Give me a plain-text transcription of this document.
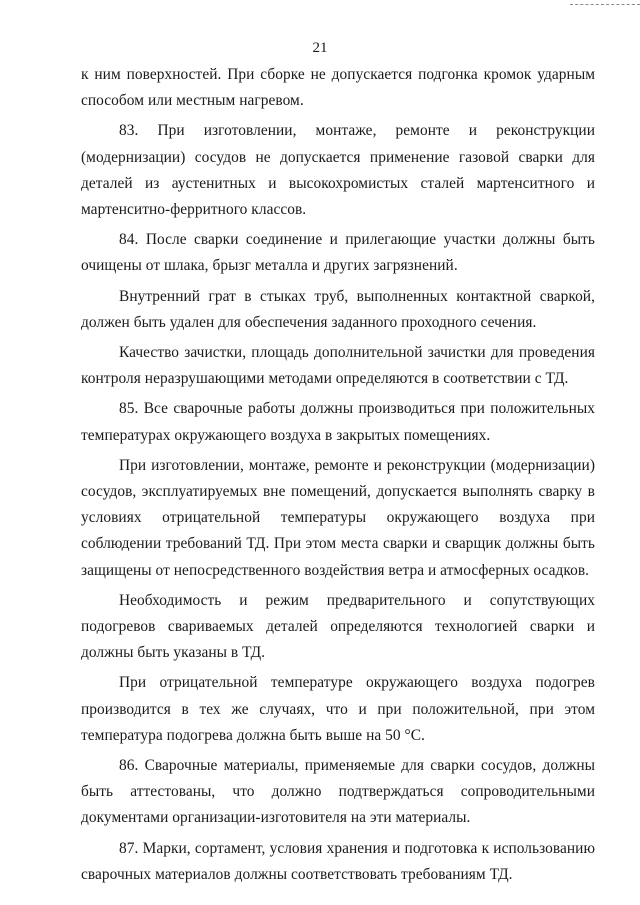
21

к ним поверхностей. При сборке не допускается подгонка кромок ударным способом или местным нагревом.

83. При изготовлении, монтаже, ремонте и реконструкции (модернизации) сосудов не допускается применение газовой сварки для деталей из аустенитных и высокохромистых сталей мартенситного и мартенситно-ферритного классов.

84. После сварки соединение и прилегающие участки должны быть очищены от шлака, брызг металла и других загрязнений.

Внутренний грат в стыках труб, выполненных контактной сваркой, должен быть удален для обеспечения заданного проходного сечения.

Качество зачистки, площадь дополнительной зачистки для проведения контроля неразрушающими методами определяются в соответствии с ТД.

85. Все сварочные работы должны производиться при положительных температурах окружающего воздуха в закрытых помещениях.

При изготовлении, монтаже, ремонте и реконструкции (модернизации) сосудов, эксплуатируемых вне помещений, допускается выполнять сварку в условиях отрицательной температуры окружающего воздуха при соблюдении требований ТД. При этом места сварки и сварщик должны быть защищены от непосредственного воздействия ветра и атмосферных осадков.

Необходимость и режим предварительного и сопутствующих подогревов свариваемых деталей определяются технологией сварки и должны быть указаны в ТД.

При отрицательной температуре окружающего воздуха подогрев производится в тех же случаях, что и при положительной, при этом температура подогрева должна быть выше на 50 °С.

86. Сварочные материалы, применяемые для сварки сосудов, должны быть аттестованы, что должно подтверждаться сопроводительными документами организации-изготовителя на эти материалы.

87. Марки, сортамент, условия хранения и подготовка к использованию сварочных материалов должны соответствовать требованиям ТД.
